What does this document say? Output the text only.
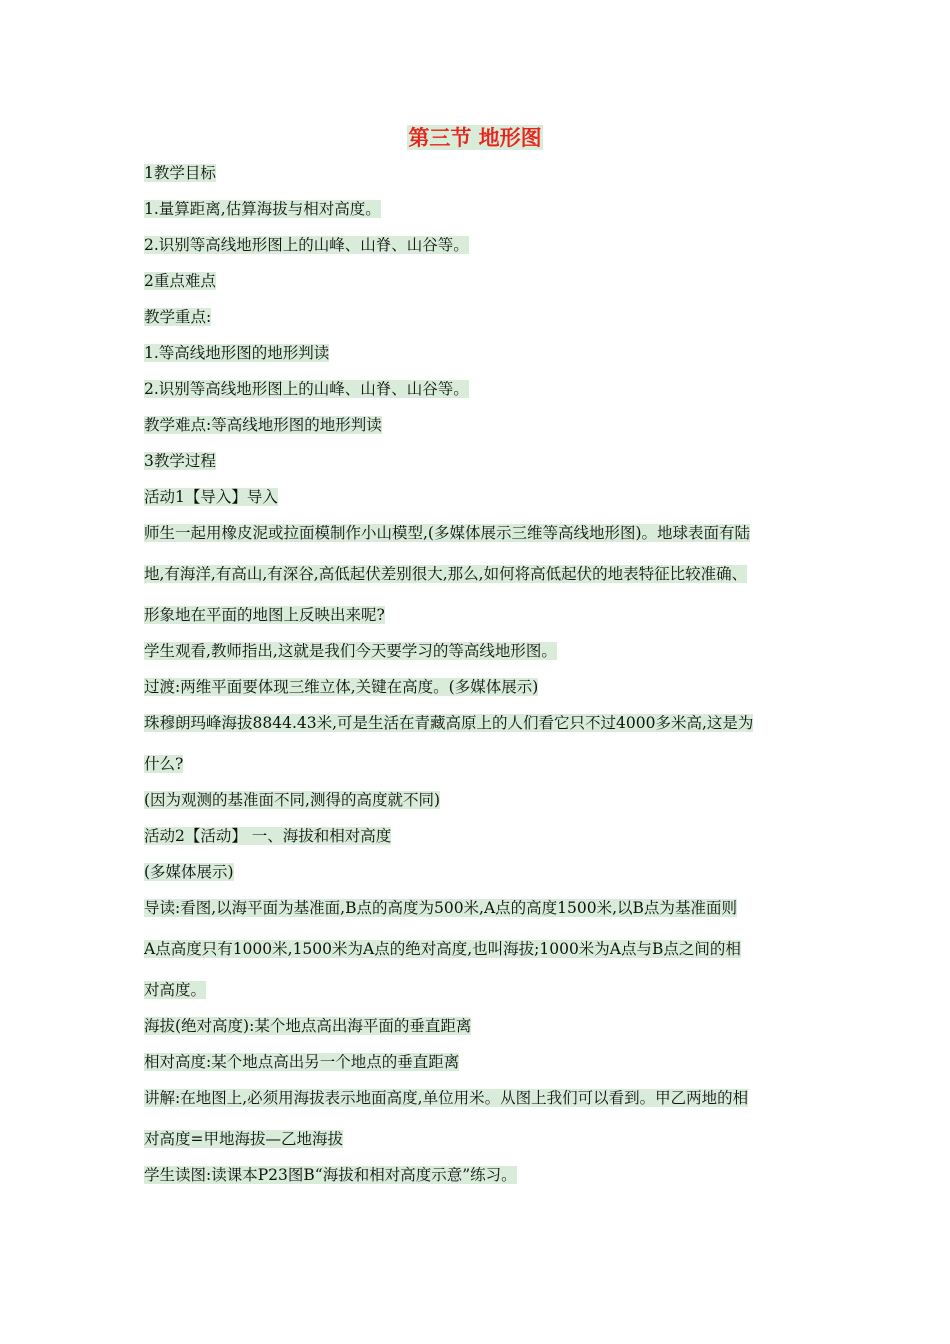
第三节 地形图
1教学目标
1.量算距离,估算海拔与相对高度。
2.识别等高线地形图上的山峰、山脊、山谷等。
2重点难点
教学重点:
1.等高线地形图的地形判读
2.识别等高线地形图上的山峰、山脊、山谷等。
教学难点:等高线地形图的地形判读
3教学过程
活动1【导入】导入
师生一起用橡皮泥或拉面模制作小山模型,(多媒体展示三维等高线地形图)。地球表面有陆
地,有海洋,有高山,有深谷,高低起伏差别很大,那么,如何将高低起伏的地表特征比较准确、
形象地在平面的地图上反映出来呢?
学生观看,教师指出,这就是我们今天要学习的等高线地形图。
过渡:两维平面要体现三维立体,关键在高度。(多媒体展示)
珠穆朗玛峰海拔8844.43米,可是生活在青藏高原上的人们看它只不过4000多米高,这是为
什么?
(因为观测的基准面不同,测得的高度就不同)
活动2【活动】 一、海拔和相对高度
(多媒体展示)
导读:看图,以海平面为基准面,B点的高度为500米,A点的高度1500米,以B点为基准面则
A点高度只有1000米,1500米为A点的绝对高度,也叫海拔;1000米为A点与B点之间的相
对高度。
海拔(绝对高度):某个地点高出海平面的垂直距离
相对高度:某个地点高出另一个地点的垂直距离
讲解:在地图上,必须用海拔表示地面高度,单位用米。从图上我们可以看到。甲乙两地的相
对高度=甲地海拔—乙地海拔
学生读图:读课本P23图B“海拔和相对高度示意”练习。
